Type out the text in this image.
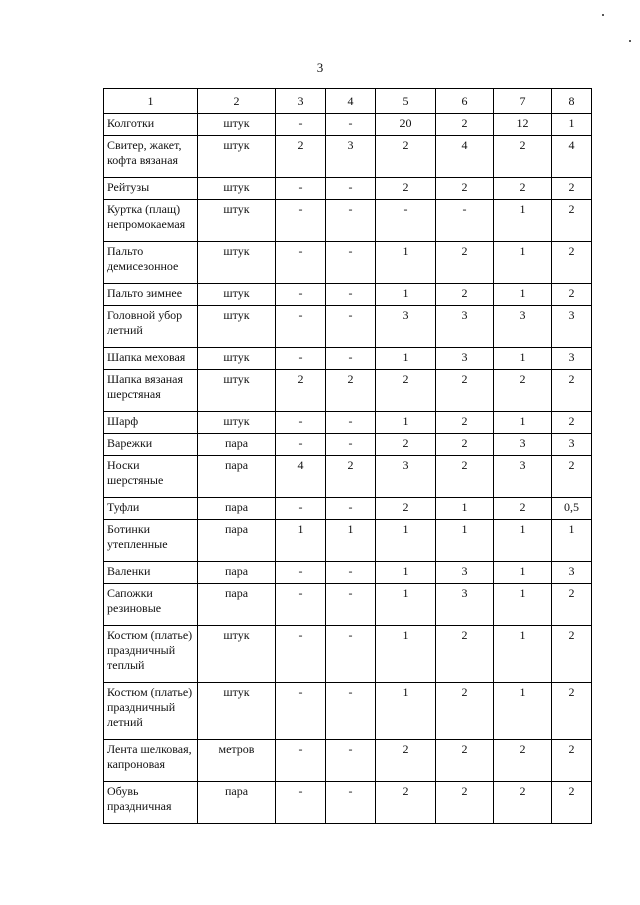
3
1	2	3	4	5	6	7	8
Колготки	штук	-	-	20	2	12	1
Свитер, жакет, кофта вязаная	штук	2	3	2	4	2	4
Рейтузы	штук	-	-	2	2	2	2
Куртка (плащ) непромокаемая	штук	-	-	-	-	1	2
Пальто демисезонное	штук	-	-	1	2	1	2
Пальто зимнее	штук	-	-	1	2	1	2
Головной убор летний	штук	-	-	3	3	3	3
Шапка меховая	штук	-	-	1	3	1	3
Шапка вязаная шерстяная	штук	2	2	2	2	2	2
Шарф	штук	-	-	1	2	1	2
Варежки	пара	-	-	2	2	3	3
Носки шерстяные	пара	4	2	3	2	3	2
Туфли	пара	-	-	2	1	2	0,5
Ботинки утепленные	пара	1	1	1	1	1	1
Валенки	пара	-	-	1	3	1	3
Сапожки резиновые	пара	-	-	1	3	1	2
Костюм (платье) праздничный теплый	штук	-	-	1	2	1	2
Костюм (платье) праздничный летний	штук	-	-	1	2	1	2
Лента шелковая, капроновая	метров	-	-	2	2	2	2
Обувь праздничная	пара	-	-	2	2	2	2
